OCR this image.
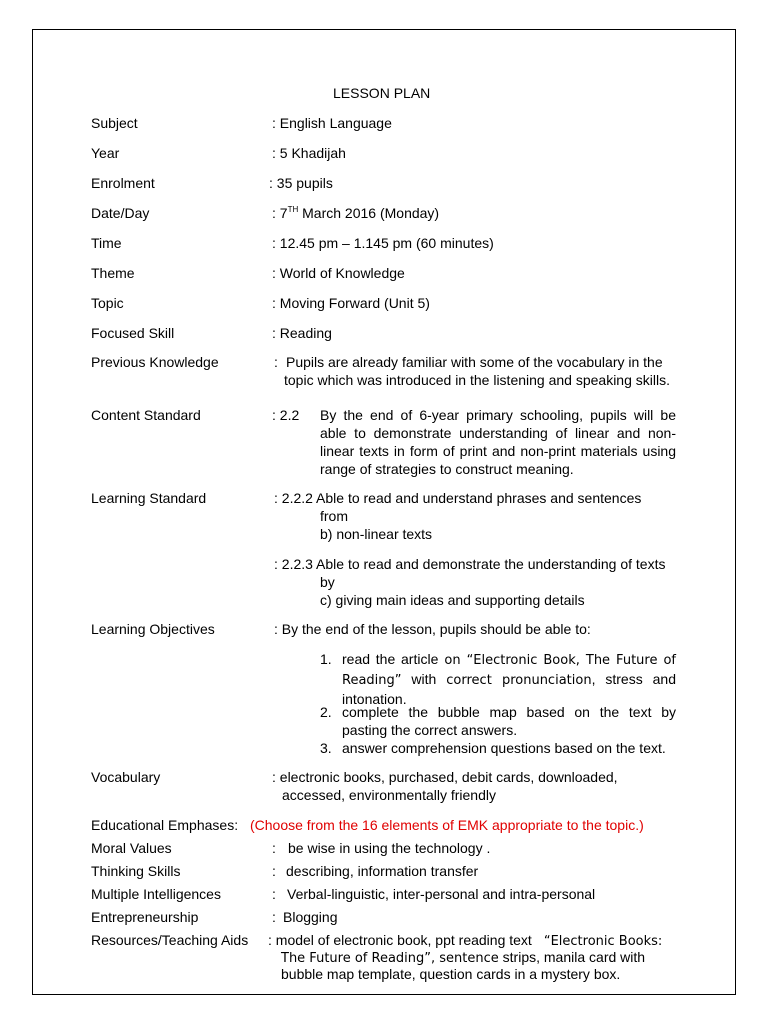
LESSON PLAN
Subject	: English Language
Year	: 5 Khadijah
Enrolment	: 35 pupils
Date/Day	: 7TH March 2016 (Monday)
Time	: 12.45 pm – 1.145 pm (60 minutes)
Theme	: World of Knowledge
Topic	: Moving Forward (Unit 5)
Focused Skill	: Reading
Previous Knowledge	: Pupils are already familiar with some of the vocabulary in the
topic which was introduced in the listening and speaking skills.
Content Standard	: 2.2 By the end of 6-year primary schooling, pupils will be able to demonstrate understanding of linear and non-linear texts in form of print and non-print materials using range of strategies to construct meaning.
Learning Standard	: 2.2.2 Able to read and understand phrases and sentences
from
b) non-linear texts
: 2.2.3 Able to read and demonstrate the understanding of texts
by
c) giving main ideas and supporting details
Learning Objectives	: By the end of the lesson, pupils should be able to:
1. read the article on “Electronic Book, The Future of Reading” with correct pronunciation, stress and intonation.
2. complete the bubble map based on the text by pasting the correct answers.
3. answer comprehension questions based on the text.
Vocabulary	: electronic books, purchased, debit cards, downloaded,
accessed, environmentally friendly
Educational Emphases: (Choose from the 16 elements of EMK appropriate to the topic.)
Moral Values	: be wise in using the technology .
Thinking Skills	: describing, information transfer
Multiple Intelligences	: Verbal-linguistic, inter-personal and intra-personal
Entrepreneurship	: Blogging
Resources/Teaching Aids : model of electronic book, ppt reading text “Electronic Books:
The Future of Reading”, sentence strips, manila card with
bubble map template, question cards in a mystery box.
